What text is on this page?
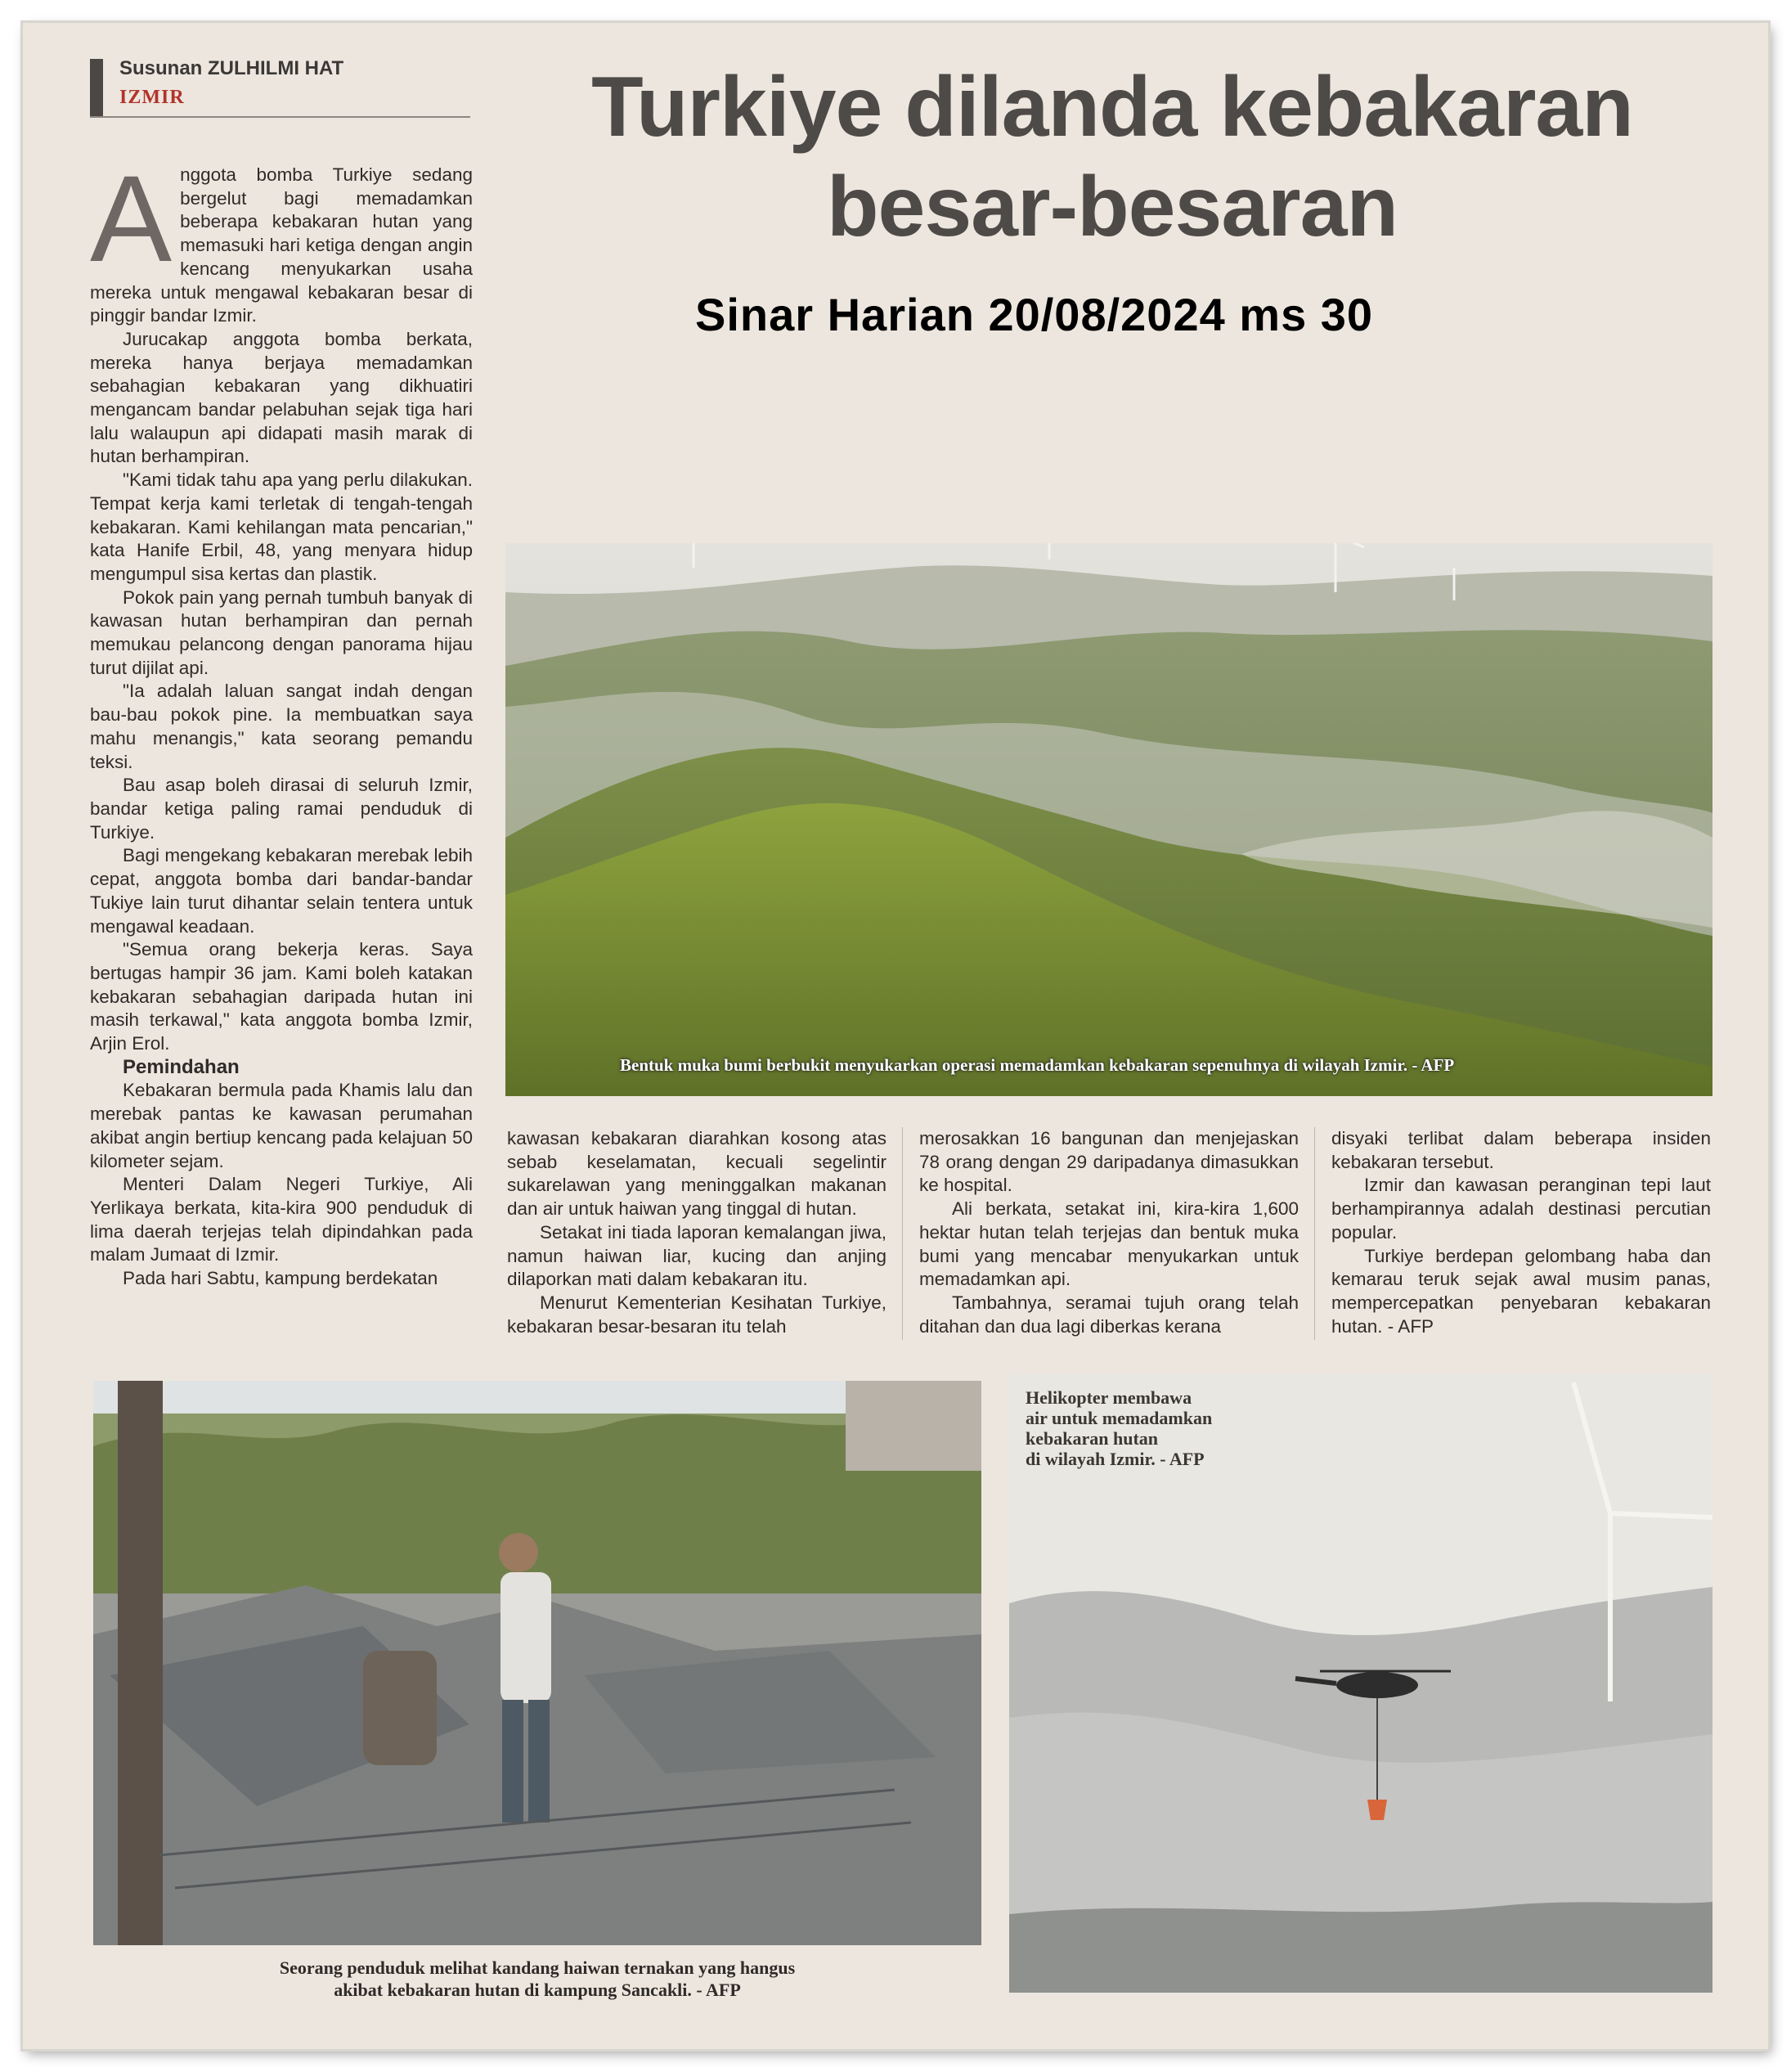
Susunan ZULHILMI HAT
IZMIR	Turkiye dilanda kebakaran besar-besaran
Sinar Harian 20/08/2024 ms 30
Bentuk muka bumi berbukit menyukarkan operasi memadamkan kebakaran sepenuhnya di wilayah Izmir. - AFP
A nggota bomba Turkiye sedang bergelut bagi memadamkan beberapa kebakaran hutan yang memasuki hari ketiga dengan angin kencang menyukarkan usaha mereka untuk mengawal kebakaran besar di pinggir bandar Izmir.

Jurucakap anggota bomba berkata, mereka hanya berjaya memadamkan sebahagian kebakaran yang dikhuatiri mengancam bandar pelabuhan sejak tiga hari lalu walaupun api didapati masih marak di hutan berhampiran.

"Kami tidak tahu apa yang perlu dilakukan. Tempat kerja kami terletak di tengah-tengah kebakaran. Kami kehilangan mata pencarian," kata Hanife Erbil, 48, yang menyara hidup mengumpul sisa kertas dan plastik.

Pokok pain yang pernah tumbuh banyak di kawasan hutan berhampiran dan pernah memukau pelancong dengan panorama hijau turut dijilat api.

"Ia adalah laluan sangat indah dengan bau-bau pokok pine. Ia membuatkan saya mahu menangis," kata seorang pemandu teksi.

Bau asap boleh dirasai di seluruh Izmir, bandar ketiga paling ramai penduduk di Turkiye.

Bagi mengekang kebakaran merebak lebih cepat, anggota bomba dari bandar-bandar Tukiye lain turut dihantar selain tentera untuk mengawal keadaan.

"Semua orang bekerja keras. Saya bertugas hampir 36 jam. Kami boleh katakan kebakaran sebahagian daripada hutan ini masih terkawal," kata anggota bomba Izmir, Arjin Erol.

Pemindahan

Kebakaran bermula pada Khamis lalu dan merebak pantas ke kawasan perumahan akibat angin bertiup kencang pada kelajuan 50 kilometer sejam.

Menteri Dalam Negeri Turkiye, Ali Yerlikaya berkata, kita-kira 900 penduduk di lima daerah terjejas telah dipindahkan pada malam Jumaat di Izmir.

Pada hari Sabtu, kampung berdekatan

kawasan kebakaran diarahkan kosong atas sebab keselamatan, kecuali segelintir sukarelawan yang meninggalkan makanan dan air untuk haiwan yang tinggal di hutan.

Setakat ini tiada laporan kemalangan jiwa, namun haiwan liar, kucing dan anjing dilaporkan mati dalam kebakaran itu.

Menurut Kementerian Kesihatan Turkiye, kebakaran besar-besaran itu telah

merosakkan 16 bangunan dan menjejaskan 78 orang dengan 29 daripadanya dimasukkan ke hospital.

Ali berkata, setakat ini, kira-kira 1,600 hektar hutan telah terjejas dan bentuk muka bumi yang mencabar menyukarkan untuk memadamkan api.

Tambahnya, seramai tujuh orang telah ditahan dan dua lagi diberkas kerana

disyaki terlibat dalam beberapa insiden kebakaran tersebut.

Izmir dan kawasan peranginan tepi laut berhampirannya adalah destinasi percutian popular.

Turkiye berdepan gelombang haba dan kemarau teruk sejak awal musim panas, mempercepatkan penyebaran kebakaran hutan. - AFP

Seorang penduduk melihat kandang haiwan ternakan yang hangus
akibat kebakaran hutan di kampung Sancakli. - AFP
Helikopter membawa
air untuk memadamkan
kebakaran hutan
di wilayah Izmir. - AFP
